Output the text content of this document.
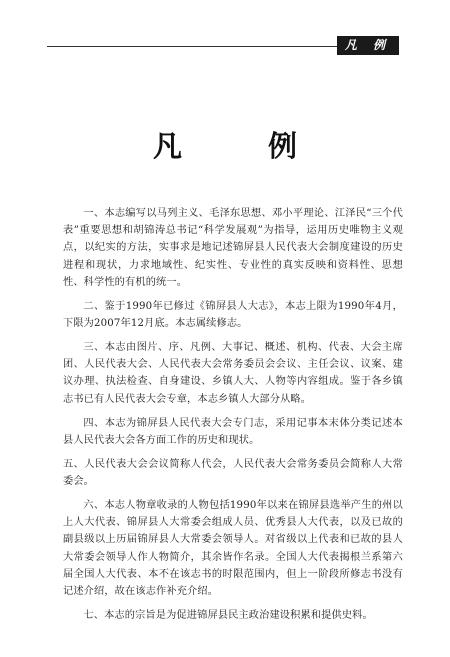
凡 例
凡 例

一、本志编写以马列主义、毛泽东思想、邓小平理论、江泽民“三个代表”重要思想和胡锦涛总书记“科学发展观”为指导，运用历史唯物主义观点，以纪实的方法，实事求是地记述锦屏县人民代表大会制度建设的历史进程和现状，力求地域性、纪实性、专业性的真实反映和资料性、思想性、科学性的有机的统一。

二、鉴于1990年已修过《锦屏县人大志》，本志上限为1990年4月，下限为2007年12月底。本志属续修志。

三、本志由图片、序、凡例、大事记、概述、机构、代表、大会主席团、人民代表大会、人民代表大会常务委员会会议、主任会议、议案、建议办理、执法检查、自身建设、乡镇人大、人物等内容组成。鉴于各乡镇志书已有人民代表大会专章，本志乡镇人大部分从略。

四、本志为锦屏县人民代表大会专门志，采用记事本末体分类记述本县人民代表大会各方面工作的历史和现状。

五、人民代表大会会议简称人代会，人民代表大会常务委员会简称人大常委会。

六、本志人物章收录的人物包括1990年以来在锦屏县选举产生的州以上人大代表、锦屏县人大常委会组成人员、优秀县人大代表，以及已故的副县级以上历届锦屏县人大常委会领导人。对省级以上代表和已故的县人大常委会领导人作人物简介，其余皆作名录。全国人大代表揭根兰系第六届全国人大代表、本不在该志书的时限范围内，但上一阶段所修志书没有记述介绍，故在该志作补充介绍。

七、本志的宗旨是为促进锦屏县民主政治建设积累和提供史料。
